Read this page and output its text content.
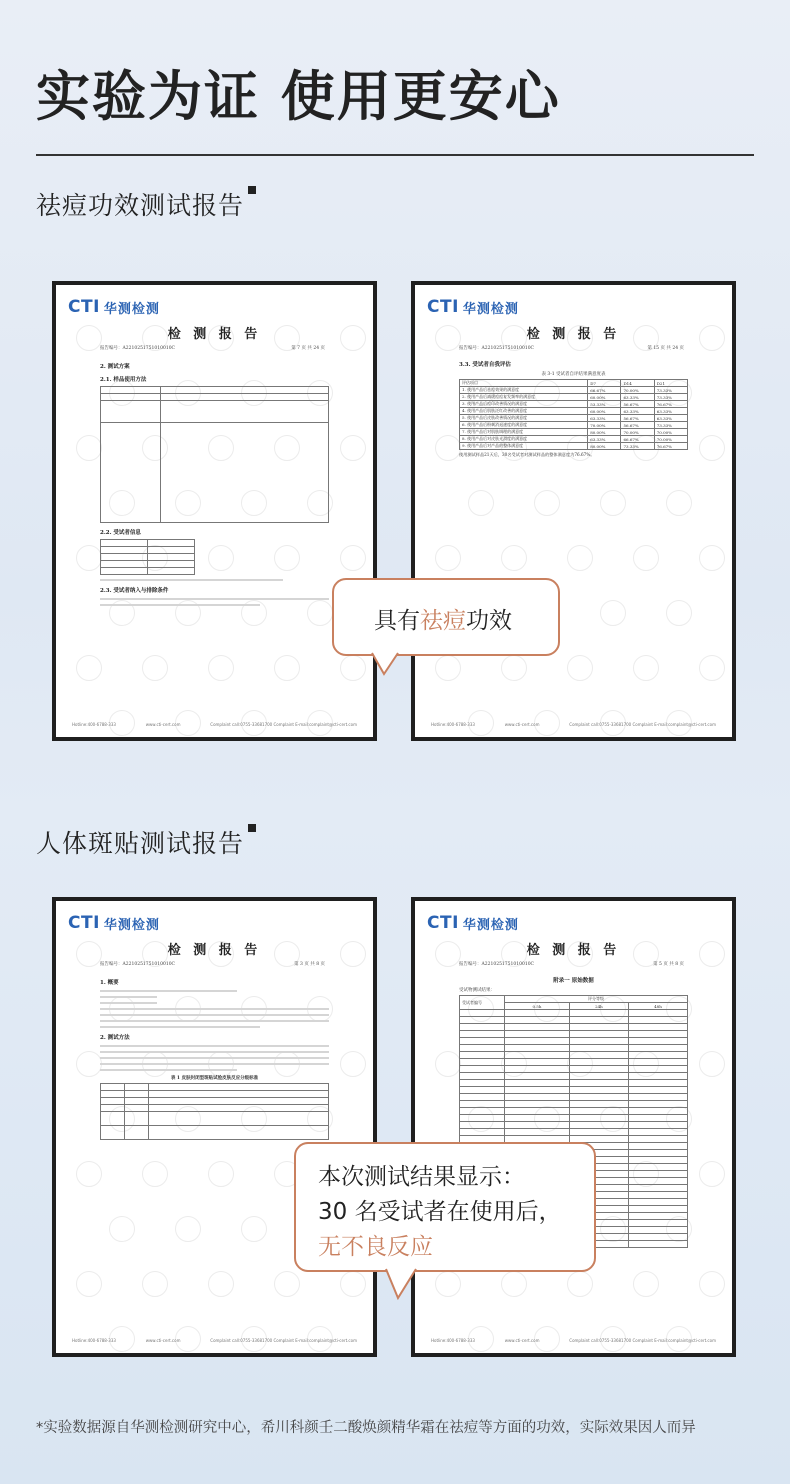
实验为证 使用更安心
祛痘功效测试报告
CTI 华测检测
检 测 报 告
报告编号：A2210251751010010C	第 7 页 共 24 页
2. 测试方案
2.1. 样品使用方法

2.2. 受试者信息

2.3. 受试者纳入与排除条件
Hotline:400-6788-333	www.cti-cert.com	Complaint call:0755-33681700 Complaint E-mail:complaint@cti-cert.com
CTI 华测检测
检 测 报 告
报告编号：A2210251751010010C	第 15 页 共 24 页
3.3. 受试者自我评估
表 3-1 受试者自评结果满意度表
评估项目	D7	D14	D21
1. 使用产品后祛痘效果的满意度	66.67%	70.00%	73.33%
2. 使用产品后减缓痘痘复发频率的满意度	60.00%	63.33%	73.33%
3. 使用产品后痘印改善情况的满意度	53.33%	56.67%	76.67%
4. 使用产品后肌肤泛红改善的满意度	60.00%	63.33%	63.33%
5. 使用产品后皮肤改善情况的满意度	63.33%	56.67%	63.33%
6. 使用产品后粉刺消退速度的满意度	70.00%	56.67%	73.33%
7. 使用产品后对肌肤调理的满意度	80.00%	70.00%	70.00%
8. 使用产品后对皮肤光滑度的满意度	63.33%	66.67%	70.00%
9. 使用产品后对产品的整体满意度	80.00%	73.33%	76.67%
使用测试样品21天后，30名受试者对测试样品的整体满意度为76.67%。
Hotline:400-6788-333	www.cti-cert.com	Complaint call:0755-33681700 Complaint E-mail:complaint@cti-cert.com
具有祛痘功效
人体斑贴测试报告
CTI 华测检测
检 测 报 告
报告编号：A2210251751010010C	第 3 页 共 8 页
1. 概要
2. 测试方法
表 1 皮肤封闭型斑贴试验皮肤反应分级标准

Hotline:400-6788-333	www.cti-cert.com	Complaint call:0755-33681700 Complaint E-mail:complaint@cti-cert.com
CTI 华测检测
检 测 报 告
报告编号：A2210251751010010C	第 5 页 共 8 页
附录一 原始数据
受试物测试结果：
受试者编号	评分等级		
	0.5h	24h	48h

Hotline:400-6788-333	www.cti-cert.com	Complaint call:0755-33681700 Complaint E-mail:complaint@cti-cert.com
本次测试结果显示：
30 名受试者在使用后，
无不良反应
*实验数据源自华测检测研究中心，希川科颜壬二酸焕颜精华霜在祛痘等方面的功效，实际效果因人而异
